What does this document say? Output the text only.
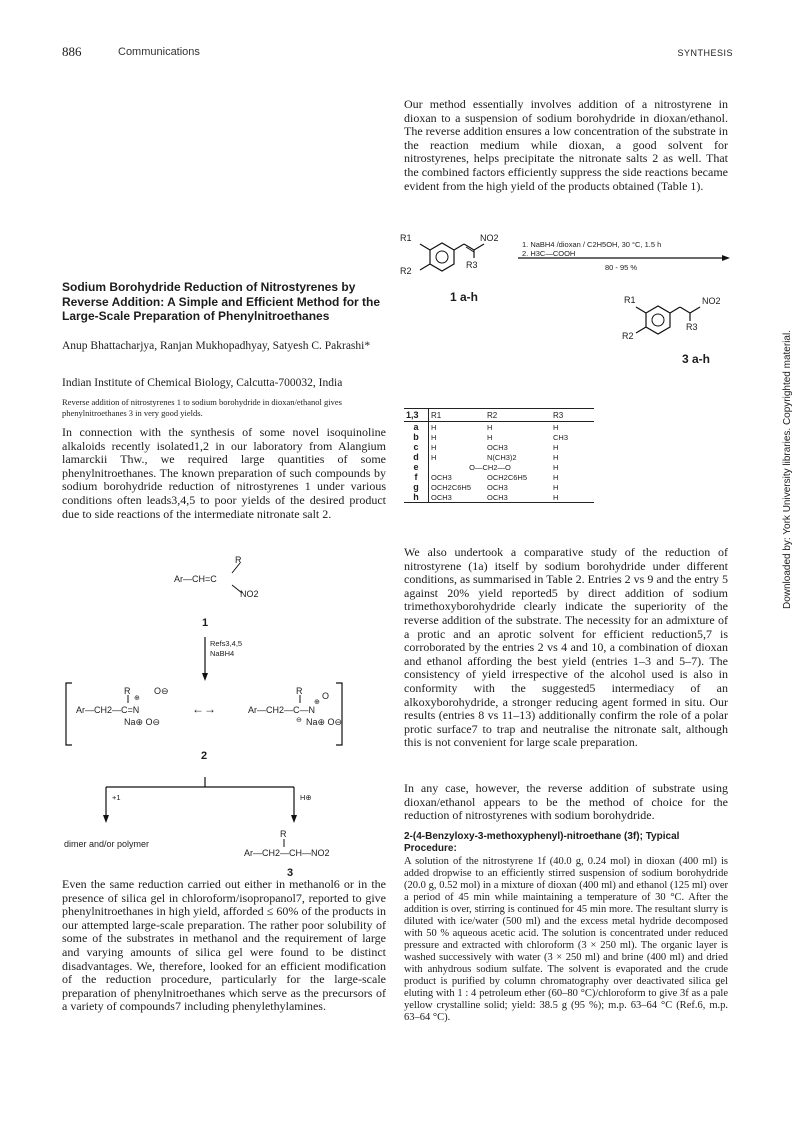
886	Communications	SYNTHESIS
Our method essentially involves addition of a nitrostyrene in dioxan to a suspension of sodium borohydride in dioxan/ethanol. The reverse addition ensures a low concentration of the substrate in the reaction medium while dioxan, a good solvent for nitrostyrenes, helps precipitate the nitronate salts 2 as well. That the combined factors efficiently suppress the side reactions became evident from the high yield of the products obtained (Table 1).
R1
R2
R3
NO2
1. NaBH4 /dioxan / C2H5OH, 30 °C, 1.5 h
2. H3C—COOH
80 - 95 %
1 a-h	R1
R2
R3
NO2
3 a-h
Sodium Borohydride Reduction of Nitrostyrenes by Reverse Addition: A Simple and Efficient Method for the Large-Scale Preparation of Phenylnitroethanes
Anup Bhattacharjya, Ranjan Mukhopadhyay, Satyesh C. Pakrashi*
Indian Institute of Chemical Biology, Calcutta-700032, India
Reverse addition of nitrostyrenes 1 to sodium borohydride in dioxan/ethanol gives phenylnitroethanes 3 in very good yields.
In connection with the synthesis of some novel isoquinoline alkaloids recently isolated1,2 in our laboratory from Alangium lamarckii Thw., we required large quantities of some phenylnitroethanes. The known preparation of such compounds by sodium borohydride reduction of nitrostyrenes 1 under various conditions often leads3,4,5 to poor yields of the desired product due to side reactions of the intermediate nitronate salt 2.
R
Ar—CH=C
NO2
1
Refs3,4,5
NaBH4
R	O⊖
⊕
Ar—CH2—C=N
Na⊕ O⊖
←→
R O
⊕
Ar—CH2—C—N
⊖ Na⊕ O⊖
2
+1	H⊕
dimer and/or polymer
R
Ar—CH2—CH—NO2
3
Even the same reduction carried out either in methanol6 or in the presence of silica gel in chloroform/isopropanol7, reported to give phenylnitroethanes in high yield, afforded ≤ 60% of the products in our attempted large-scale preparation. The rather poor solubility of some of the substrates in methanol and the requirement of large and varying amounts of silica gel were found to be distinct disadvantages. We, therefore, looked for an efficient modification of the reduction procedure, particularly for the large-scale preparation of phenylnitroethanes which serve as the precursors of a variety of compounds7 including phenylethylamines.
1,3	R1	R2	R3
a	H	H	H
b	H	H	CH3
c	H	OCH3	H
d	H	N(CH3)2	H
e	O—CH2—O		H
f	OCH3	OCH2C6H5	H
g	OCH2C6H5	OCH3	H
h	OCH3	OCH3	H
We also undertook a comparative study of the reduction of nitrostyrene (1a) itself by sodium borohydride under different conditions, as summarised in Table 2. Entries 2 vs 9 and the entry 5 against 20% yield reported5 by direct addition of sodium trimethoxyborohydride clearly indicate the superiority of the reverse addition of the substrate. The necessity for an admixture of a protic and an aprotic solvent for efficient reduction5,7 is corroborated by the entries 2 vs 4 and 10, a combination of dioxan and ethanol affording the best yield (entries 1–3 and 5–7). The consistency of yield irrespective of the alcohol used is also in conformity with the suggested5 intermediacy of an alkoxyborohydride, a stronger reducing agent formed in situ. Our results (entries 8 vs 11–13) additionally confirm the role of a polar protic surface7 to trap and neutralise the nitronate salt, although this is not convenient for large scale preparation.
In any case, however, the reverse addition of substrate using dioxan/ethanol appears to be the method of choice for the reduction of nitrostyrenes with sodium borohydride.
2-(4-Benzyloxy-3-methoxyphenyl)-nitroethane (3f); Typical Procedure:
A solution of the nitrostyrene 1f (40.0 g, 0.24 mol) in dioxan (400 ml) is added dropwise to an efficiently stirred suspension of sodium borohydride (20.0 g, 0.52 mol) in a mixture of dioxan (400 ml) and ethanol (125 ml) over a period of 45 min while maintaining a temperature of 30 °C. After the addition is over, stirring is continued for 45 min more. The resultant slurry is diluted with ice/water (500 ml) and the excess metal hydride decomposed with 50 % aqueous acetic acid. The solution is concentrated under reduced pressure and extracted with chloroform (3 × 250 ml). The organic layer is washed successively with water (3 × 250 ml) and brine (400 ml) and dried with anhydrous sodium sulfate. The solvent is evaporated and the crude product is purified by column chromatography over deactivated silica gel eluting with 1 : 4 petroleum ether (60–80 °C)/chloroform to give 3f as a pale yellow crystalline solid; yield: 38.5 g (95 %); m.p. 63–64 °C (Ref.6, m.p. 63–64 °C).
Downloaded by: York University libraries. Copyrighted material.
